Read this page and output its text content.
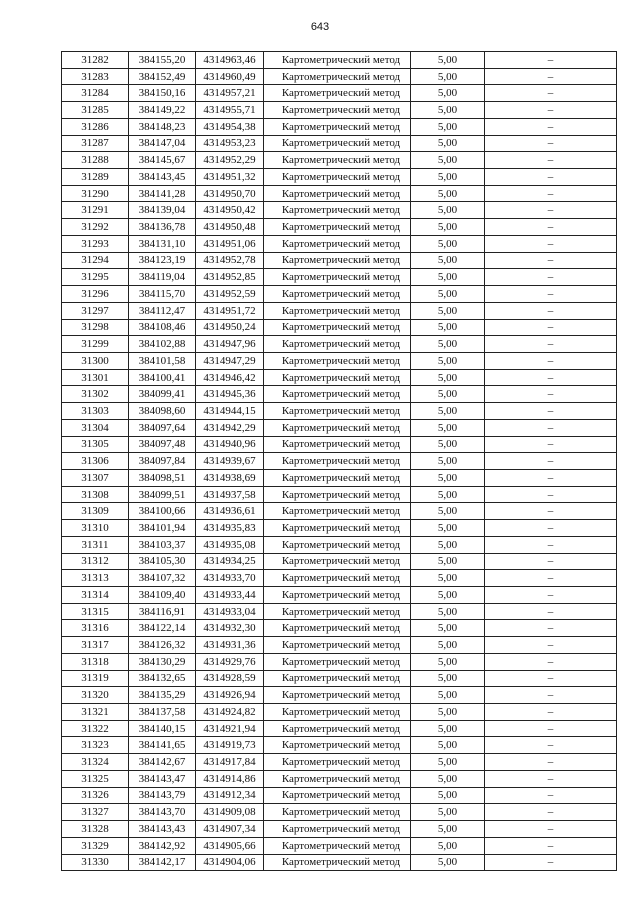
643
31282	384155,20	4314963,46	Картометрический метод	5,00	–
31283	384152,49	4314960,49	Картометрический метод	5,00	–
31284	384150,16	4314957,21	Картометрический метод	5,00	–
31285	384149,22	4314955,71	Картометрический метод	5,00	–
31286	384148,23	4314954,38	Картометрический метод	5,00	–
31287	384147,04	4314953,23	Картометрический метод	5,00	–
31288	384145,67	4314952,29	Картометрический метод	5,00	–
31289	384143,45	4314951,32	Картометрический метод	5,00	–
31290	384141,28	4314950,70	Картометрический метод	5,00	–
31291	384139,04	4314950,42	Картометрический метод	5,00	–
31292	384136,78	4314950,48	Картометрический метод	5,00	–
31293	384131,10	4314951,06	Картометрический метод	5,00	–
31294	384123,19	4314952,78	Картометрический метод	5,00	–
31295	384119,04	4314952,85	Картометрический метод	5,00	–
31296	384115,70	4314952,59	Картометрический метод	5,00	–
31297	384112,47	4314951,72	Картометрический метод	5,00	–
31298	384108,46	4314950,24	Картометрический метод	5,00	–
31299	384102,88	4314947,96	Картометрический метод	5,00	–
31300	384101,58	4314947,29	Картометрический метод	5,00	–
31301	384100,41	4314946,42	Картометрический метод	5,00	–
31302	384099,41	4314945,36	Картометрический метод	5,00	–
31303	384098,60	4314944,15	Картометрический метод	5,00	–
31304	384097,64	4314942,29	Картометрический метод	5,00	–
31305	384097,48	4314940,96	Картометрический метод	5,00	–
31306	384097,84	4314939,67	Картометрический метод	5,00	–
31307	384098,51	4314938,69	Картометрический метод	5,00	–
31308	384099,51	4314937,58	Картометрический метод	5,00	–
31309	384100,66	4314936,61	Картометрический метод	5,00	–
31310	384101,94	4314935,83	Картометрический метод	5,00	–
31311	384103,37	4314935,08	Картометрический метод	5,00	–
31312	384105,30	4314934,25	Картометрический метод	5,00	–
31313	384107,32	4314933,70	Картометрический метод	5,00	–
31314	384109,40	4314933,44	Картометрический метод	5,00	–
31315	384116,91	4314933,04	Картометрический метод	5,00	–
31316	384122,14	4314932,30	Картометрический метод	5,00	–
31317	384126,32	4314931,36	Картометрический метод	5,00	–
31318	384130,29	4314929,76	Картометрический метод	5,00	–
31319	384132,65	4314928,59	Картометрический метод	5,00	–
31320	384135,29	4314926,94	Картометрический метод	5,00	–
31321	384137,58	4314924,82	Картометрический метод	5,00	–
31322	384140,15	4314921,94	Картометрический метод	5,00	–
31323	384141,65	4314919,73	Картометрический метод	5,00	–
31324	384142,67	4314917,84	Картометрический метод	5,00	–
31325	384143,47	4314914,86	Картометрический метод	5,00	–
31326	384143,79	4314912,34	Картометрический метод	5,00	–
31327	384143,70	4314909,08	Картометрический метод	5,00	–
31328	384143,43	4314907,34	Картометрический метод	5,00	–
31329	384142,92	4314905,66	Картометрический метод	5,00	–
31330	384142,17	4314904,06	Картометрический метод	5,00	–
